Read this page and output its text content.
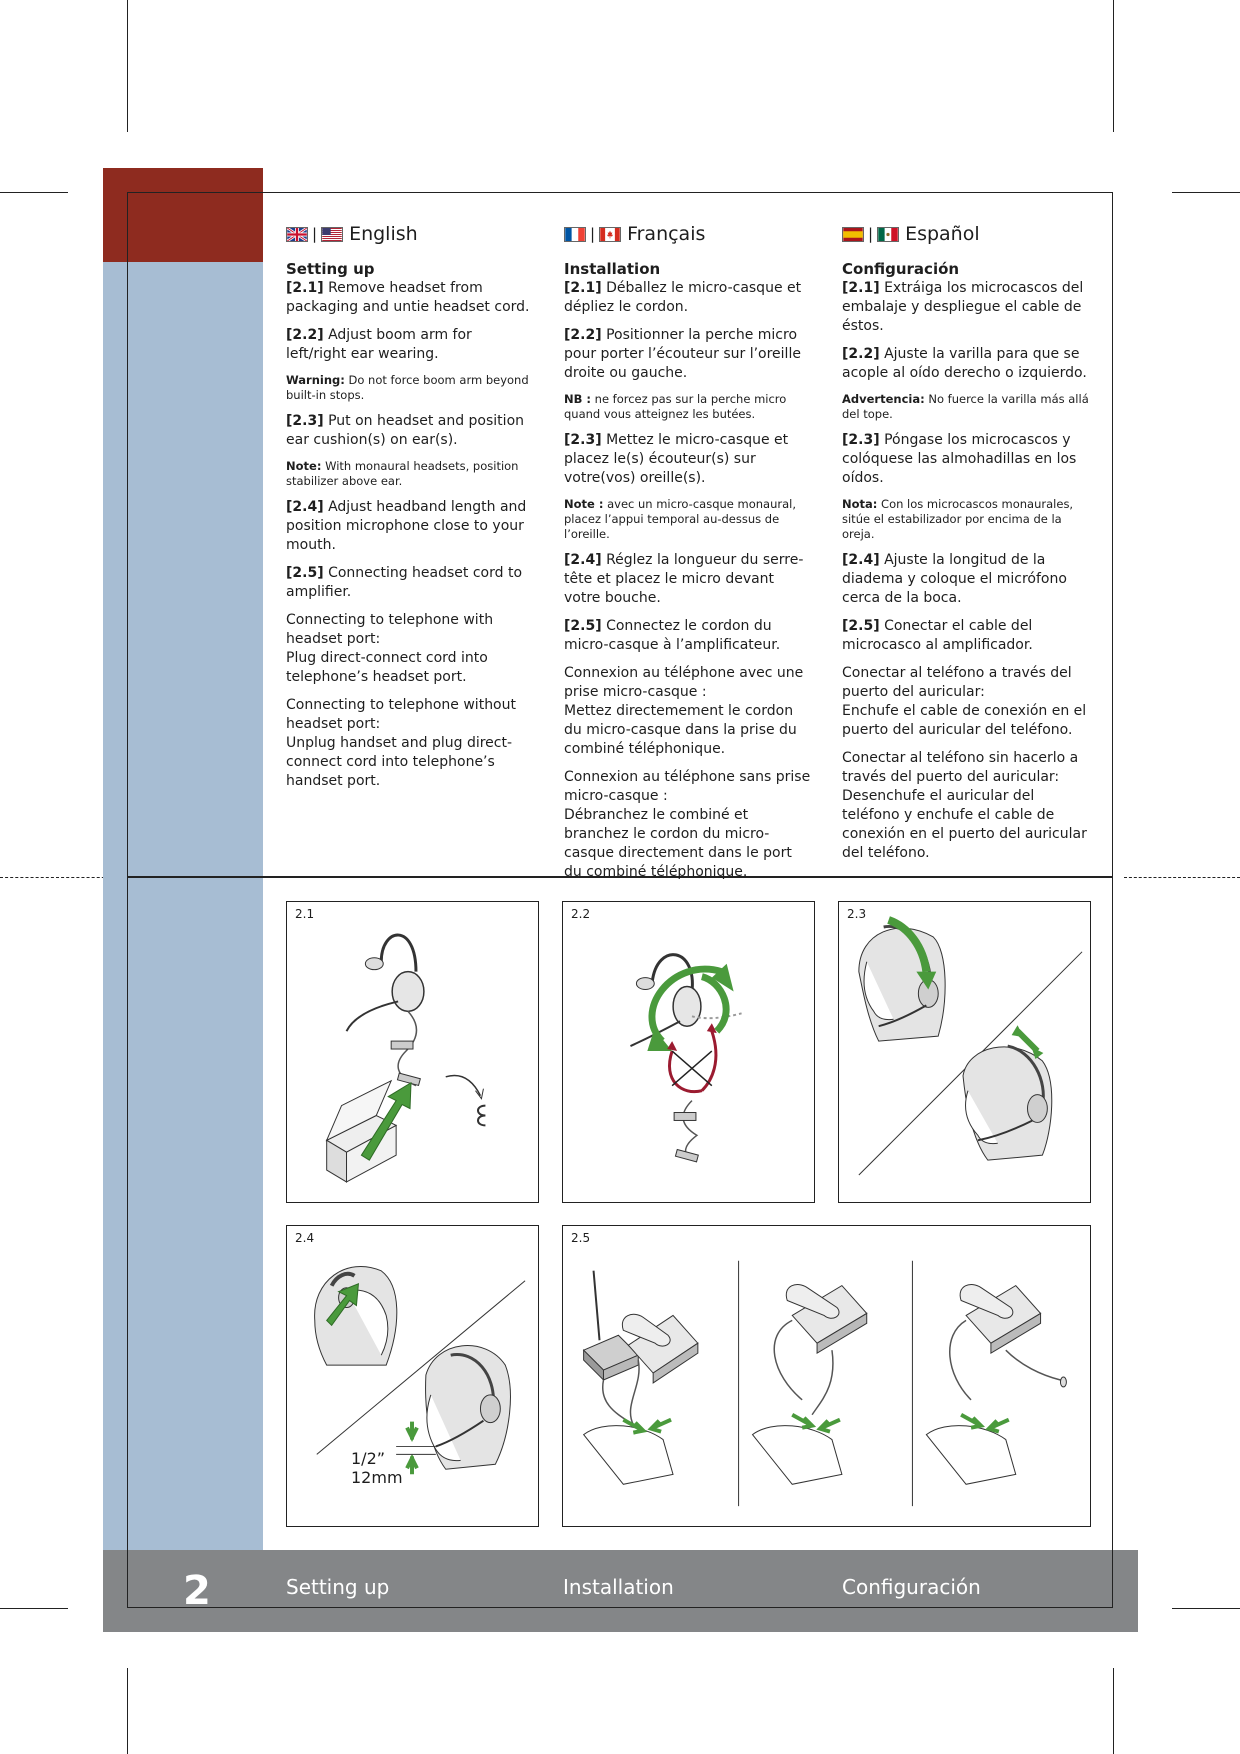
| English
Setting up

[2.1] Remove headset from packaging and untie headset cord.

[2.2] Adjust boom arm for left/right ear wearing.

Warning: Do not force boom arm beyond built-in stops.

[2.3] Put on headset and position ear cushion(s) on ear(s).

Note: With monaural headsets, position stabilizer above ear.

[2.4] Adjust headband length and position microphone close to your mouth.

[2.5] Connecting headset cord to amplifier.

Connecting to telephone with headset port:
Plug direct-connect cord into telephone’s headset port.

Connecting to telephone without headset port:
Unplug handset and plug direct-connect cord into telephone’s handset port.

| Français
Installation

[2.1] Déballez le micro-casque et dépliez le cordon.

[2.2] Positionner la perche micro pour porter l’écouteur sur l’oreille droite ou gauche.

NB : ne forcez pas sur la perche micro quand vous atteignez les butées.

[2.3] Mettez le micro-casque et placez le(s) écouteur(s) sur votre(vos) oreille(s).

Note : avec un micro-casque monaural, placez l’appui temporal au-dessus de l’oreille.

[2.4] Réglez la longueur du serre-tête et placez le micro devant votre bouche.

[2.5] Connectez le cordon du micro-casque à l’amplificateur.

Connexion au téléphone avec une prise micro-casque :
Mettez directemement le cordon du micro-casque dans la prise du combiné téléphonique.

Connexion au téléphone sans prise micro-casque :
Débranchez le combiné et branchez le cordon du micro-casque directement dans le port du combiné téléphonique.

| Español
Configuración

[2.1] Extráiga los microcascos del embalaje y despliegue el cable de éstos.

[2.2] Ajuste la varilla para que se acople al oído derecho o izquierdo.

Advertencia: No fuerce la varilla más allá del tope.

[2.3] Póngase los microcascos y colóquese las almohadillas en los oídos.

Nota: Con los microcascos monaurales, sitúe el estabilizador por encima de la oreja.

[2.4] Ajuste la longitud de la diadema y coloque el micrófono cerca de la boca.

[2.5] Conectar el cable del microcasco al amplificador.

Conectar al teléfono a través del puerto del auricular:
Enchufe el cable de conexión en el puerto del auricular del teléfono.

Conectar al teléfono sin hacerlo a través del puerto del auricular:
Desenchufe el auricular del teléfono y enchufe el cable de conexión en el puerto del auricular del teléfono.

2.1	2.2	2.3
2.4
1/2”
12mm
2.5
2	Setting up	Installation	Configuración
